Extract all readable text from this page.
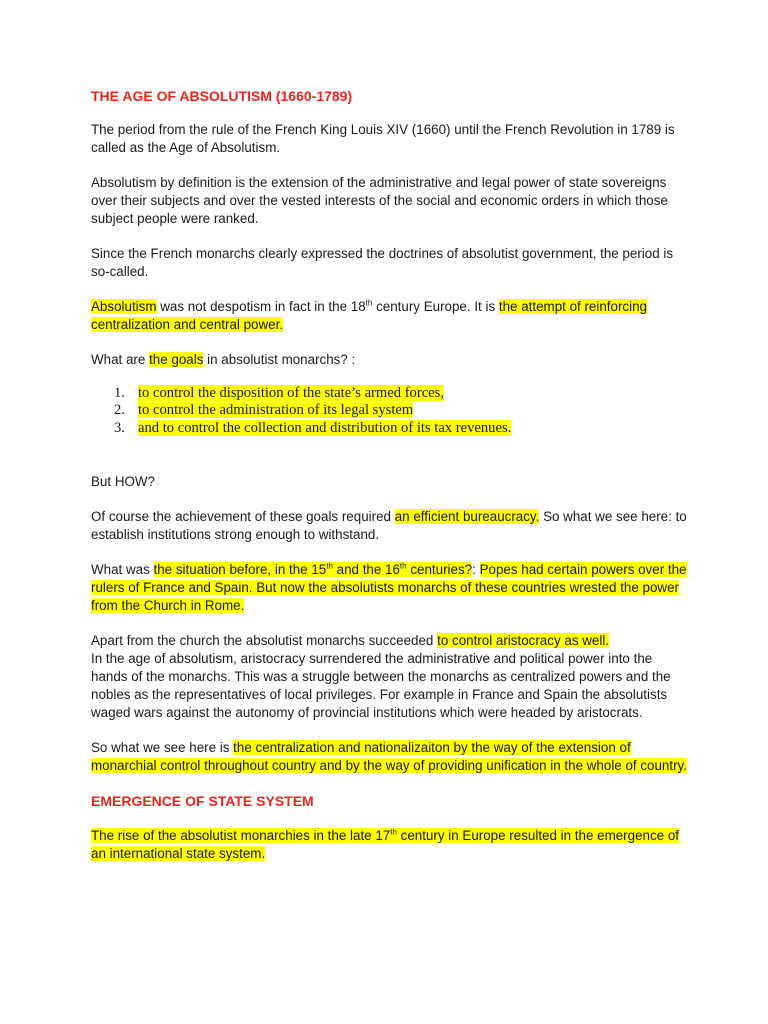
THE AGE OF ABSOLUTISM (1660-1789)

The period from the rule of the French King Louis XIV (1660) until the French Revolution in 1789 is called as the Age of Absolutism.

Absolutism by definition is the extension of the administrative and legal power of state sovereigns over their subjects and over the vested interests of the social and economic orders in which those subject people were ranked.

Since the French monarchs clearly expressed the doctrines of absolutist government, the period is so-called.

Absolutism was not despotism in fact in the 18th century Europe. It is the attempt of reinforcing centralization and central power.

What are the goals in absolutist monarchs? :

1. to control the disposition of the state’s armed forces,
2. to control the administration of its legal system
3. and to control the collection and distribution of its tax revenues.

But HOW?

Of course the achievement of these goals required an efficient bureaucracy. So what we see here: to establish institutions strong enough to withstand.

What was the situation before, in the 15th and the 16th centuries?: Popes had certain powers over the rulers of France and Spain. But now the absolutists monarchs of these countries wrested the power from the Church in Rome.

Apart from the church the absolutist monarchs succeeded to control aristocracy as well.

In the age of absolutism, aristocracy surrendered the administrative and political power into the hands of the monarchs. This was a struggle between the monarchs as centralized powers and the nobles as the representatives of local privileges. For example in France and Spain the absolutists waged wars against the autonomy of provincial institutions which were headed by aristocrats.

So what we see here is the centralization and nationalizaiton by the way of the extension of monarchial control throughout country and by the way of providing unification in the whole of country.

EMERGENCE OF STATE SYSTEM

The rise of the absolutist monarchies in the late 17th century in Europe resulted in the emergence of an international state system.
